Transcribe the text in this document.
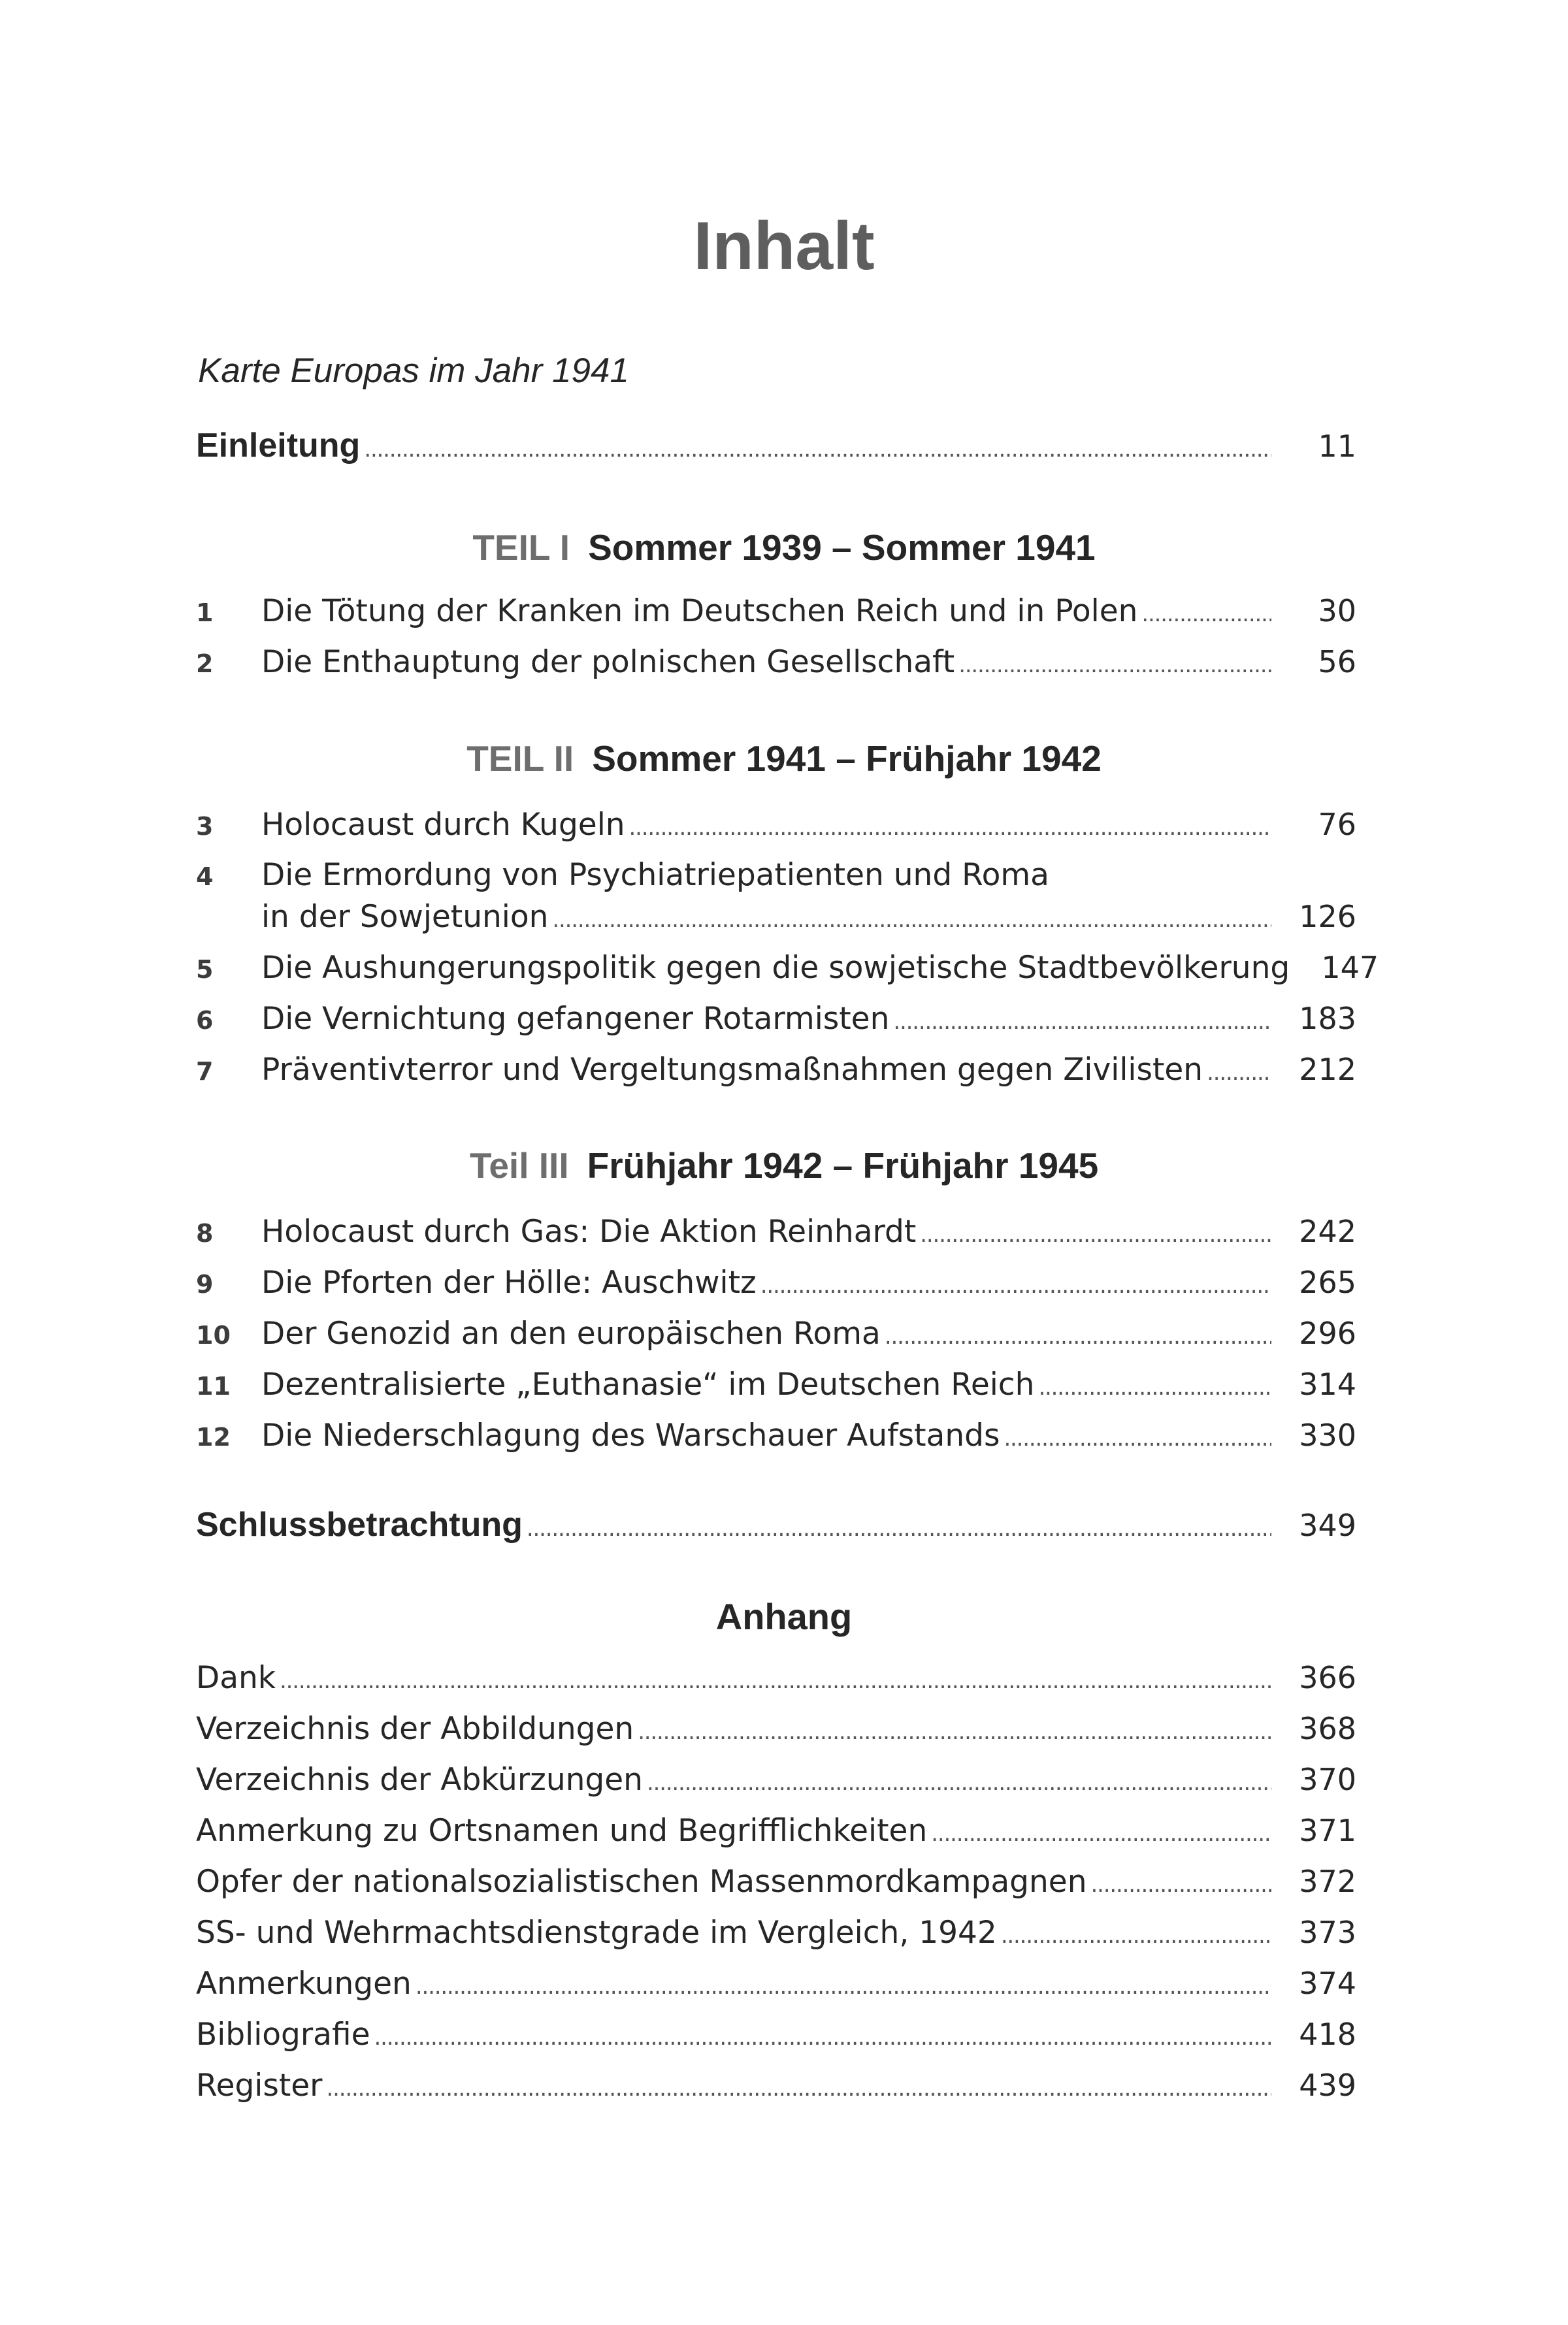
Inhalt
Karte Europas im Jahr 1941
Einleitung . . .	11
TEIL I Sommer 1939 – Sommer 1941
1	Die Tötung der Kranken im Deutschen Reich und in Polen . . .	30
2	Die Enthauptung der polnischen Gesellschaft . . .	56
TEIL II Sommer 1941 – Frühjahr 1942
3	Holocaust durch Kugeln . . .	76
4	Die Ermordung von Psychiatriepatienten und Roma
in der Sowjetunion . . .	126
5	Die Aushungerungspolitik gegen die sowjetische Stadtbevölkerung	147
6	Die Vernichtung gefangener Rotarmisten . . .	183
7	Präventivterror und Vergeltungsmaßnahmen gegen Zivilisten . . .	212
Teil III Frühjahr 1942 – Frühjahr 1945
8	Holocaust durch Gas: Die Aktion Reinhardt . . .	242
9	Die Pforten der Hölle: Auschwitz . . .	265
10	Der Genozid an den europäischen Roma . . .	296
11	Dezentralisierte „Euthanasie“ im Deutschen Reich . . .	314
12	Die Niederschlagung des Warschauer Aufstands . . .	330
Schlussbetrachtung . . .	349
Anhang
Dank . . .	366
Verzeichnis der Abbildungen . . .	368
Verzeichnis der Abkürzungen . . .	370
Anmerkung zu Ortsnamen und Begrifflichkeiten . . .	371
Opfer der nationalsozialistischen Massenmordkampagnen . . .	372
SS- und Wehrmachtsdienstgrade im Vergleich, 1942 . . .	373
Anmerkungen . . .	374
Bibliografie . . .	418
Register . . .	439
